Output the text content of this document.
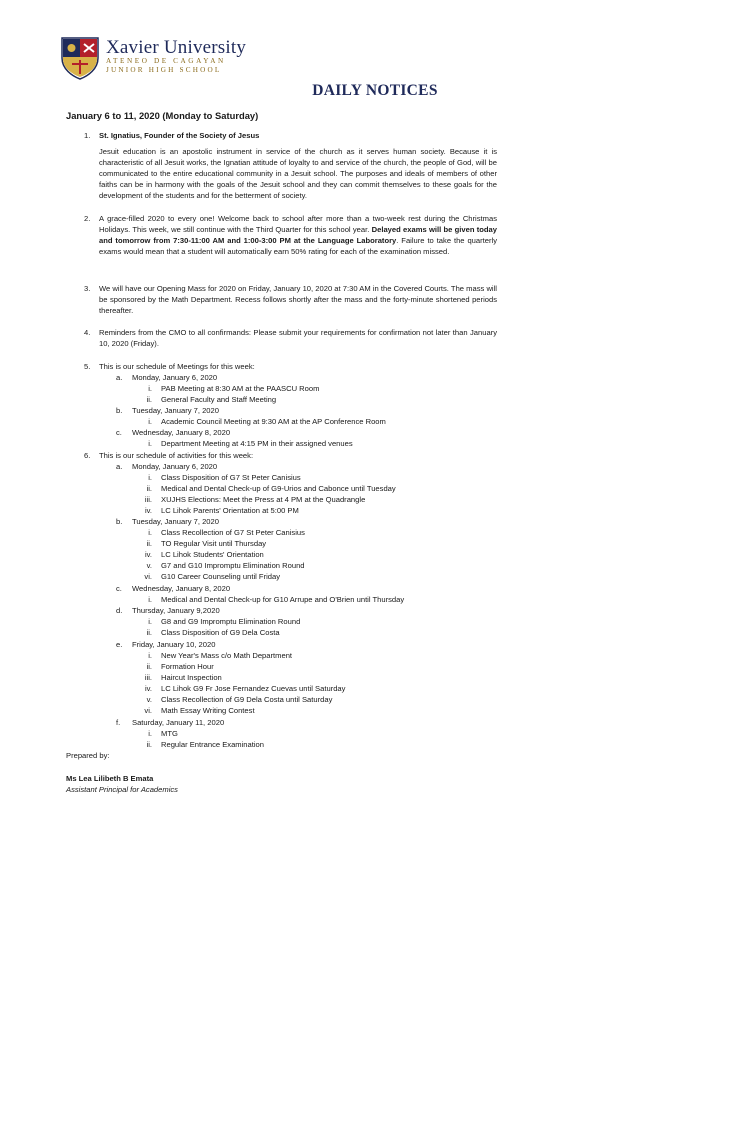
Xavier University
ATENEO DE CAGAYAN
JUNIOR HIGH SCHOOL
DAILY NOTICES
January 6 to 11, 2020 (Monday to Saturday)
1. St. Ignatius, Founder of the Society of Jesus
Jesuit education is an apostolic instrument in service of the church as it serves human society. Because it is characteristic of all Jesuit works, the Ignatian attitude of loyalty to and service of the church, the people of God, will be communicated to the entire educational community in a Jesuit school. The purposes and ideals of members of other faiths can be in harmony with the goals of the Jesuit school and they can commit themselves to these goals for the development of the students and for the betterment of society.
2. A grace-filled 2020 to every one! Welcome back to school after more than a two-week rest during the Christmas Holidays. This week, we still continue with the Third Quarter for this school year. Delayed exams will be given today and tomorrow from 7:30-11:00 AM and 1:00-3:00 PM at the Language Laboratory. Failure to take the quarterly exams would mean that a student will automatically earn 50% rating for each of the examination missed.
3. We will have our Opening Mass for 2020 on Friday, January 10, 2020 at 7:30 AM in the Covered Courts. The mass will be sponsored by the Math Department. Recess follows shortly after the mass and the forty-minute shortened periods thereafter.
4. Reminders from the CMO to all confirmands: Please submit your requirements for confirmation not later than January 10, 2020 (Friday).
5. This is our schedule of Meetings for this week:
a. Monday, January 6, 2020
i. PAB Meeting at 8:30 AM at the PAASCU Room
ii. General Faculty and Staff Meeting
b. Tuesday, January 7, 2020
i. Academic Council Meeting at 9:30 AM at the AP Conference Room
c. Wednesday, January 8, 2020
i. Department Meeting at 4:15 PM in their assigned venues
6. This is our schedule of activities for this week:
a. Monday, January 6, 2020
i. Class Disposition of G7 St Peter Canisius
ii. Medical and Dental Check-up of G9-Urios and Cabonce until Tuesday
iii. XUJHS Elections: Meet the Press at 4 PM at the Quadrangle
iv. LC Lihok Parents' Orientation at 5:00 PM
b. Tuesday, January 7, 2020
i. Class Recollection of G7 St Peter Canisius
ii. TO Regular Visit until Thursday
iv. LC Lihok Students' Orientation
v. G7 and G10 Impromptu Elimination Round
vi. G10 Career Counseling until Friday
c. Wednesday, January 8, 2020
i. Medical and Dental Check-up for G10 Arrupe and O'Brien until Thursday
d. Thursday, January 9,2020
i. G8 and G9 Impromptu Elimination Round
ii. Class Disposition of G9 Dela Costa
e. Friday, January 10, 2020
i. New Year's Mass c/o Math Department
ii. Formation Hour
iii. Haircut Inspection
iv. LC Lihok G9 Fr Jose Fernandez Cuevas until Saturday
v. Class Recollection of G9 Dela Costa until Saturday
vi. Math Essay Writing Contest
f. Saturday, January 11, 2020
i. MTG
ii. Regular Entrance Examination
Prepared by:
Ms Lea Lilibeth B Emata
Assistant Principal for Academics
